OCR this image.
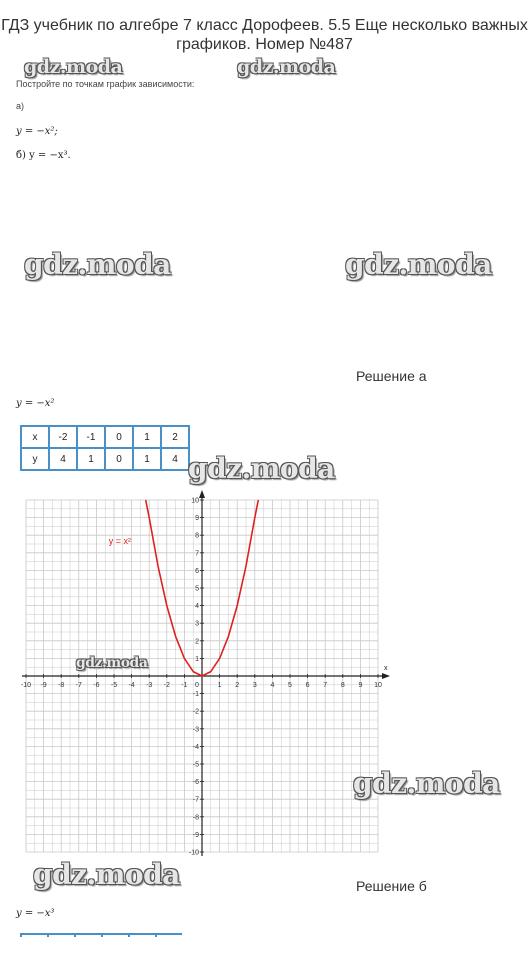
ГДЗ учебник по алгебре 7 класс Дорофеев. 5.5 Еще несколько важных графиков. Номер №487
gdz.moda	gdz.moda
Постройте по точкам график зависимости:
а)
y = −x²;
б) y = −x³.
gdz.moda	gdz.moda
Решение а
y = −x²
x	-2	-1	0	1	2
y	4	1	0	1	4 gdz.moda
x
-10 -9 -8 -7 -6 -5 -4 -3 -2 -1 0	1 2 3 4 5 6 7 8 9 10
10
9
8
7
6
5
4
3
2
1
-1
-2
-3
-4
-5
-6
-7
-8
-9
-10
y = x²
gdz.moda
gdz.moda
gdz.moda	Решение б
y = −x³
